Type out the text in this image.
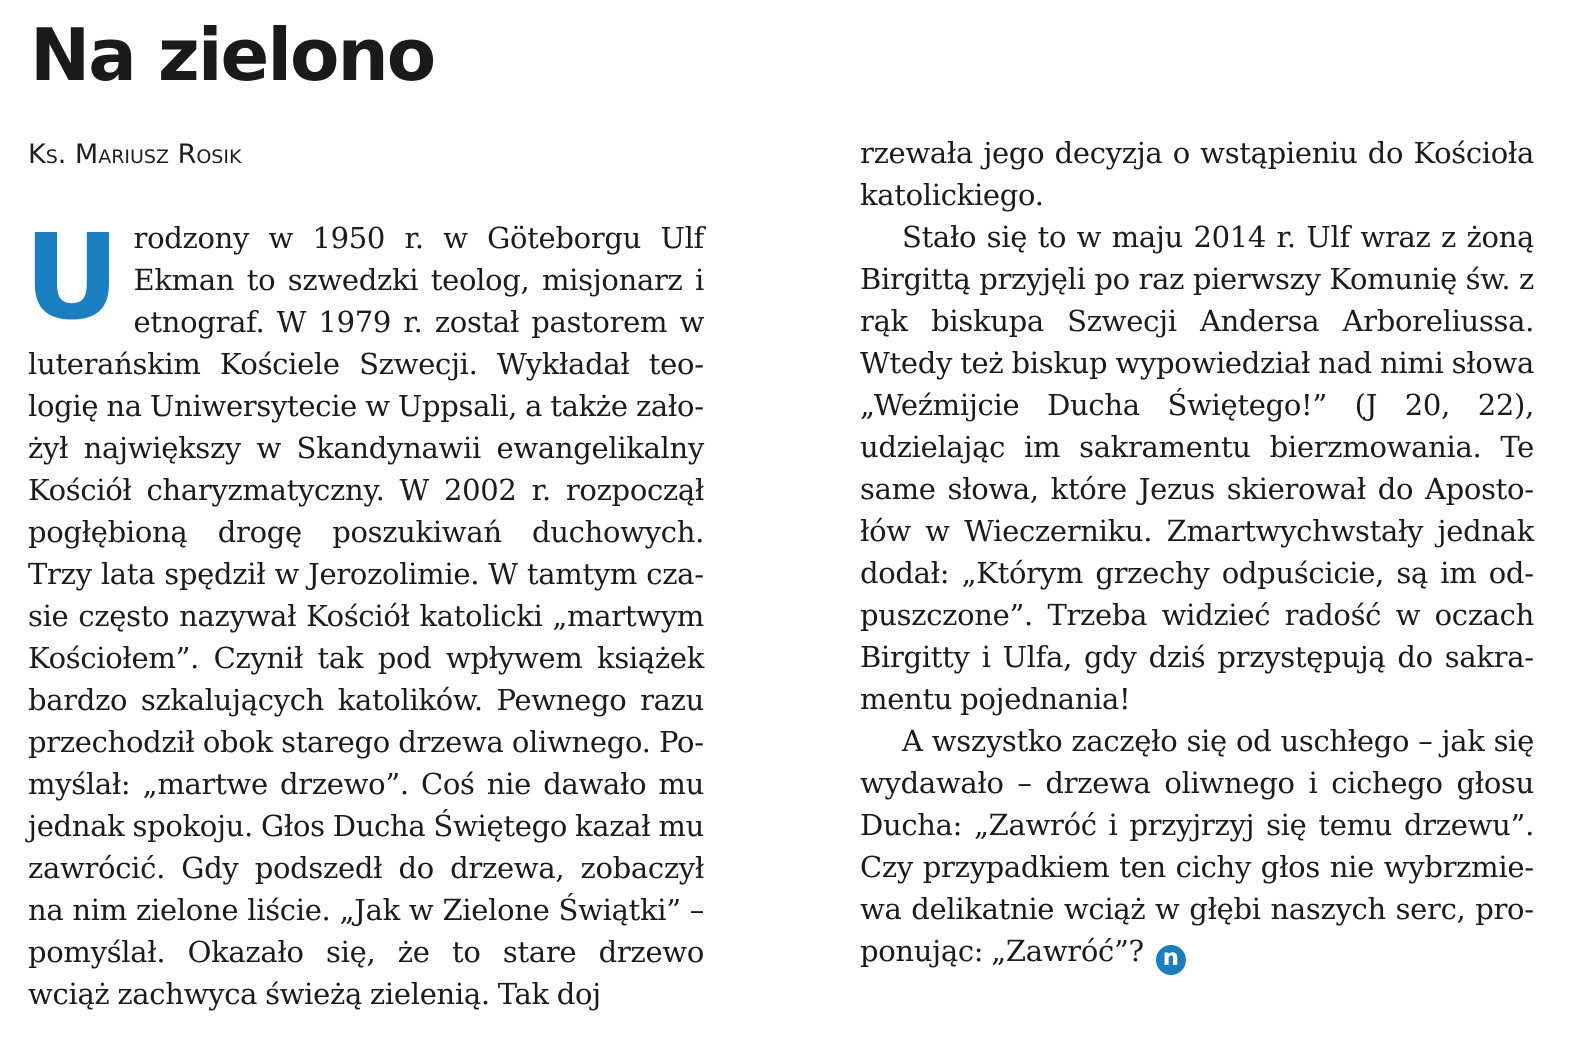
Na zielono
Ks. Mariusz Rosik

Urodzony w 1950 r. w Göteborgu Ulf Ekman to szwedzki teolog, misjonarz i etnograf. W 1979 r. został pastorem w luterańskim Kościele Szwecji. Wykładał teologię na Uniwersytecie w Uppsali, a także założył największy w Skandynawii ewangelikalny Kościół charyzmatyczny. W 2002 r. rozpoczął pogłębioną drogę poszukiwań duchowych. Trzy lata spędził w Jerozolimie. W tamtym czasie często nazywał Kościół katolicki „martwym Kościołem”. Czynił tak pod wpływem książek bardzo szkalujących katolików. Pewnego razu przechodził obok starego drzewa oliwnego. Pomyślał: „martwe drzewo”. Coś nie dawało mu jednak spokoju. Głos Ducha Świętego kazał mu zawrócić. Gdy podszedł do drzewa, zobaczył na nim zielone liście. „Jak w Zielone Świątki” – pomyślał. Okazało się, że to stare drzewo wciąż zachwyca świeżą zielenią. Tak doj

rzewała jego decyzja o wstąpieniu do Kościoła katolickiego.

Stało się to w maju 2014 r. Ulf wraz z żoną Birgittą przyjęli po raz pierwszy Komunię św. z rąk biskupa Szwecji Andersa Arboreliussa. Wtedy też biskup wypowiedział nad nimi słowa „Weźmijcie Ducha Świętego!” (J 20, 22), udzielając im sakramentu bierzmowania. Te same słowa, które Jezus skierował do Apostołów w Wieczerniku. Zmartwychwstały jednak dodał: „Którym grzechy odpuścicie, są im odpuszczone”. Trzeba widzieć radość w oczach Birgitty i Ulfa, gdy dziś przystępują do sakramentu pojednania!

A wszystko zaczęło się od uschłego – jak się wydawało – drzewa oliwnego i cichego głosu Ducha: „Zawróć i przyjrzyj się temu drzewu”. Czy przypadkiem ten cichy głos nie wybrzmiewa delikatnie wciąż w głębi naszych serc, proponując: „Zawróć”? n
